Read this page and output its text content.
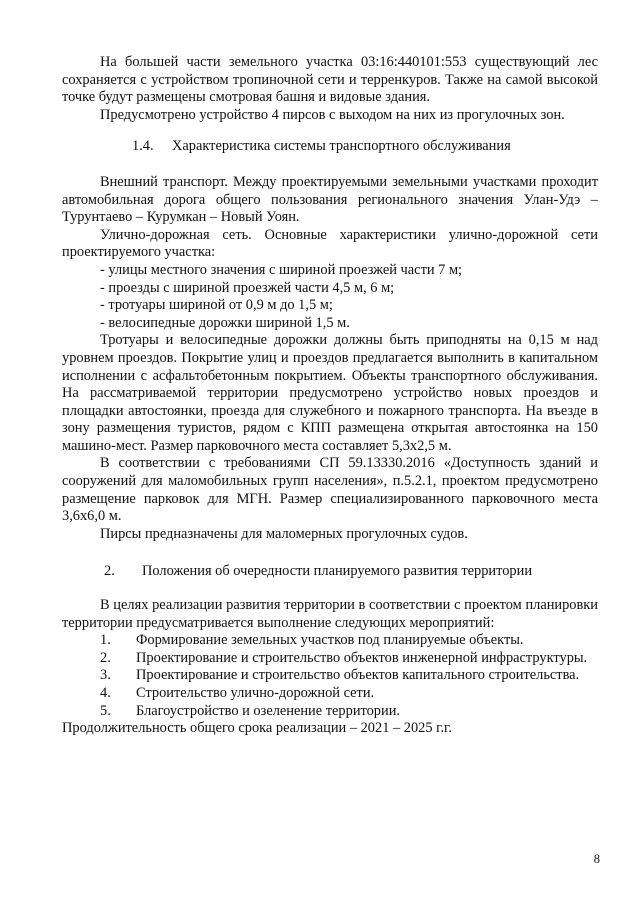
На большей части земельного участка 03:16:440101:553 существующий лес сохраняется с устройством тропиночной сети и терренкуров. Также на самой высокой точке будут размещены смотровая башня и видовые здания.

Предусмотрено устройство 4 пирсов с выходом на них из прогулочных зон.

1.4. Характеристика системы транспортного обслуживания

Внешний транспорт. Между проектируемыми земельными участками проходит автомобильная дорога общего пользования регионального значения Улан-Удэ – Турунтаево – Курумкан – Новый Уоян.

Улично-дорожная сеть. Основные характеристики улично-дорожной сети проектируемого участка:

- улицы местного значения с шириной проезжей части 7 м;

- проезды с шириной проезжей части 4,5 м, 6 м;

- тротуары шириной от 0,9 м до 1,5 м;

- велосипедные дорожки шириной 1,5 м.

Тротуары и велосипедные дорожки должны быть приподняты на 0,15 м над уровнем проездов. Покрытие улиц и проездов предлагается выполнить в капитальном исполнении с асфальтобетонным покрытием. Объекты транспортного обслуживания. На рассматриваемой территории предусмотрено устройство новых проездов и площадки автостоянки, проезда для служебного и пожарного транспорта. На въезде в зону размещения туристов, рядом с КПП размещена открытая автостоянка на 150 машино-мест. Размер парковочного места составляет 5,3х2,5 м.

В соответствии с требованиями СП 59.13330.2016 «Доступность зданий и сооружений для маломобильных групп населения», п.5.2.1, проектом предусмотрено размещение парковок для МГН. Размер специализированного парковочного места 3,6х6,0 м.

Пирсы предназначены для маломерных прогулочных судов.

2. Положения об очередности планируемого развития территории

В целях реализации развития территории в соответствии с проектом планировки территории предусматривается выполнение следующих мероприятий:

1. Формирование земельных участков под планируемые объекты.

2. Проектирование и строительство объектов инженерной инфраструктуры.

3. Проектирование и строительство объектов капитального строительства.

4. Строительство улично-дорожной сети.

5. Благоустройство и озеленение территории.

Продолжительность общего срока реализации – 2021 – 2025 г.г.

8
